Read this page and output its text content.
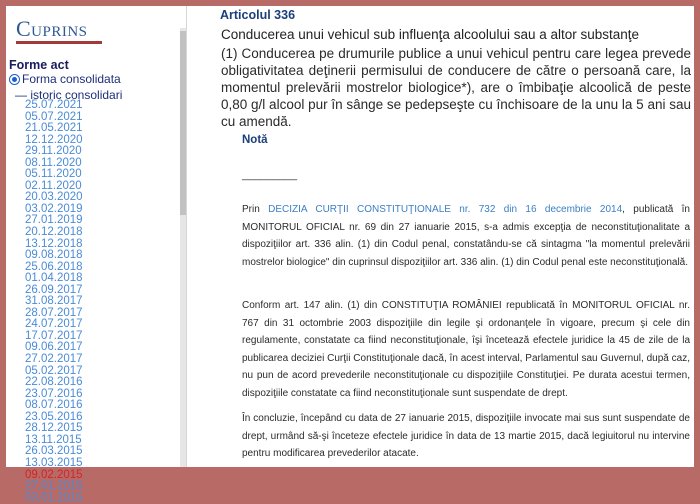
Cuprins
Forme act
Forma consolidata
— istoric consolidari
25.07.2021
05.07.2021
21.05.2021
12.12.2020
29.11.2020
08.11.2020
05.11.2020
02.11.2020
20.03.2020
03.02.2019
27.01.2019
20.12.2018
13.12.2018
09.08.2018
25.06.2018
01.04.2018
26.09.2017
31.08.2017
28.07.2017
24.07.2017
17.07.2017
09.06.2017
27.02.2017
05.02.2017
22.08.2016
23.07.2016
08.07.2016
23.05.2016
28.12.2015
13.11.2015
26.03.2015
13.03.2015
09.02.2015
27.01.2015
03.01.2015
Articolul 336
Conducerea unui vehicul sub influenţa alcoolului sau a altor substanţe

(1) Conducerea pe drumurile publice a unui vehicul pentru care legea prevede obligativitatea deţinerii permisului de conducere de către o persoană care, la momentul prelevării mostrelor biologice*), are o îmbibaţie alcoolică de peste 0,80 g/l alcool pur în sânge se pedepseşte cu închisoare de la unu la 5 ani sau cu amendă.

Notă
_________

Prin DECIZIA CURŢII CONSTITUŢIONALE nr. 732 din 16 decembrie 2014, publicată în MONITORUL OFICIAL nr. 69 din 27 ianuarie 2015, s-a admis excepţia de neconstituţionalitate a dispoziţiilor art. 336 alin. (1) din Codul penal, constatându-se că sintagma "la momentul prelevării mostrelor biologice" din cuprinsul dispoziţiilor art. 336 alin. (1) din Codul penal este neconstituţională.

Conform art. 147 alin. (1) din CONSTITUŢIA ROMÂNIEI republicată în MONITORUL OFICIAL nr. 767 din 31 octombrie 2003 dispoziţiile din legile şi ordonanţele în vigoare, precum şi cele din regulamente, constatate ca fiind neconstituţionale, îşi încetează efectele juridice la 45 de zile de la publicarea deciziei Curţii Constituţionale dacă, în acest interval, Parlamentul sau Guvernul, după caz, nu pun de acord prevederile neconstituţionale cu dispoziţiile Constituţiei. Pe durata acestui termen, dispoziţiile constatate ca fiind neconstituţionale sunt suspendate de drept.

În concluzie, începând cu data de 27 ianuarie 2015, dispoziţiile invocate mai sus sunt suspendate de drept, urmând să-şi înceteze efectele juridice în data de 13 martie 2015, dacă legiuitorul nu intervine pentru modificarea prevederilor atacate.
